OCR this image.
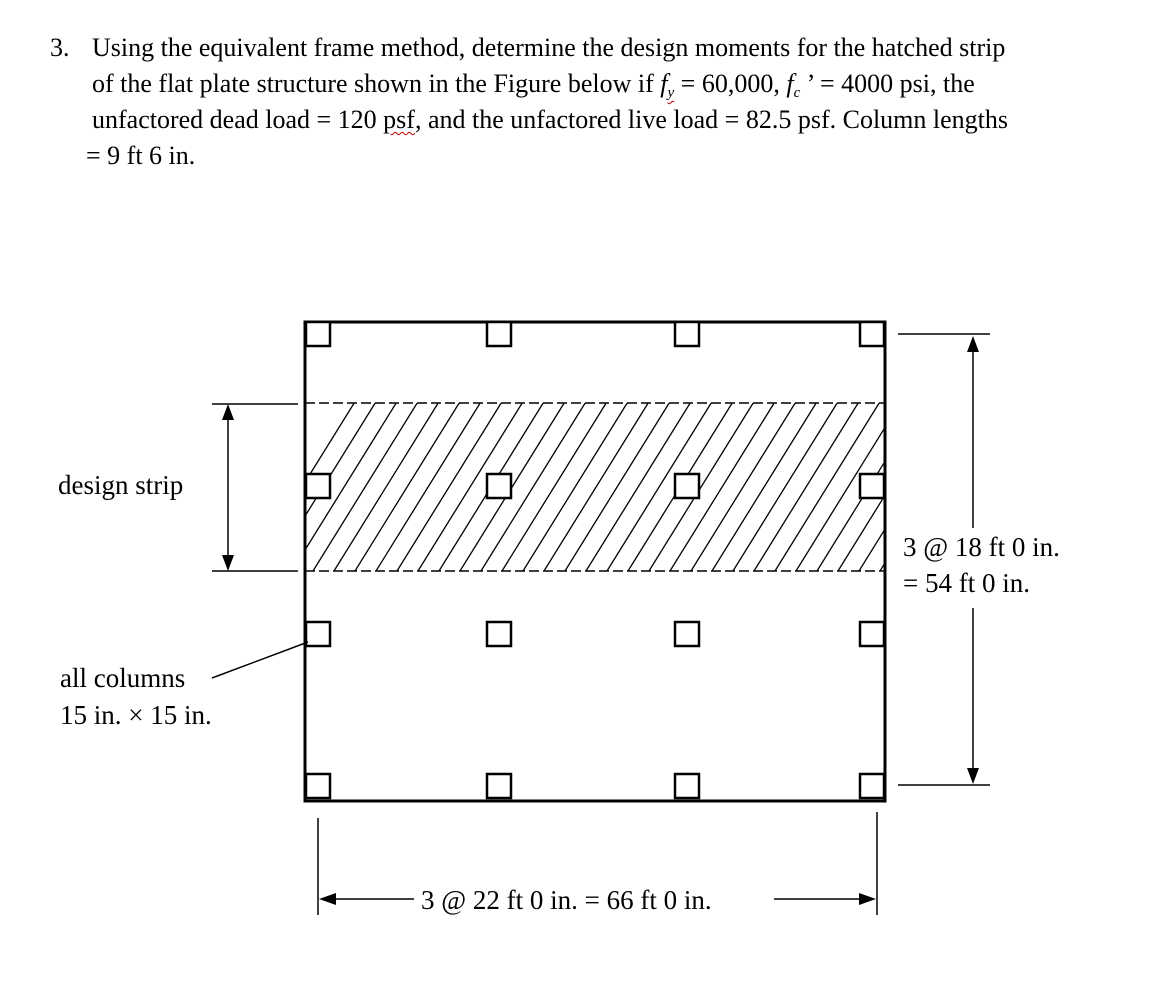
3. Using the equivalent frame method, determine the design moments for the hatched strip
of the flat plate structure shown in the Figure below if fy = 60,000, fc ’ = 4000 psi, the
unfactored dead load = 120 psf, and the unfactored live load = 82.5 psf. Column lengths
= 9 ft 6 in.
design strip
all columns
15 in. × 15 in.
3 @ 18 ft 0 in.
= 54 ft 0 in.
3 @ 22 ft 0 in. = 66 ft 0 in.
